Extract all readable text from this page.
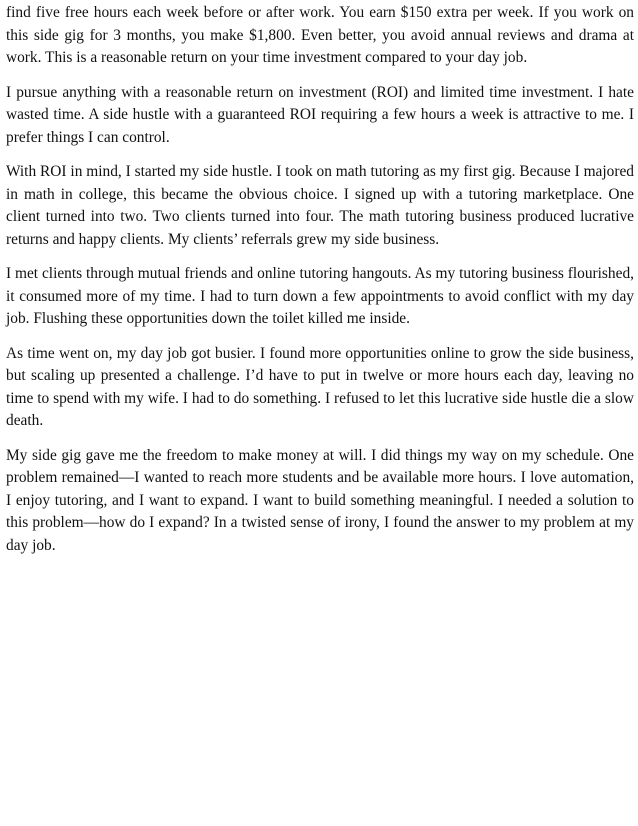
find five free hours each week before or after work. You earn $150 extra per week. If you work on this side gig for 3 months, you make $1,800. Even better, you avoid annual reviews and drama at work. This is a reasonable return on your time investment compared to your day job.

I pursue anything with a reasonable return on investment (ROI) and limited time investment. I hate wasted time. A side hustle with a guaranteed ROI requiring a few hours a week is attractive to me. I prefer things I can control.

With ROI in mind, I started my side hustle. I took on math tutoring as my first gig. Because I majored in math in college, this became the obvious choice. I signed up with a tutoring marketplace. One client turned into two. Two clients turned into four. The math tutoring business produced lucrative returns and happy clients. My clients’ referrals grew my side business.

I met clients through mutual friends and online tutoring hangouts. As my tutoring business flourished, it consumed more of my time. I had to turn down a few appointments to avoid conflict with my day job. Flushing these opportunities down the toilet killed me inside.

As time went on, my day job got busier. I found more opportunities online to grow the side business, but scaling up presented a challenge. I’d have to put in twelve or more hours each day, leaving no time to spend with my wife. I had to do something. I refused to let this lucrative side hustle die a slow death.

My side gig gave me the freedom to make money at will. I did things my way on my schedule. One problem remained—I wanted to reach more students and be available more hours. I love automation, I enjoy tutoring, and I want to expand. I want to build something meaningful. I needed a solution to this problem—how do I expand? In a twisted sense of irony, I found the answer to my problem at my day job.
